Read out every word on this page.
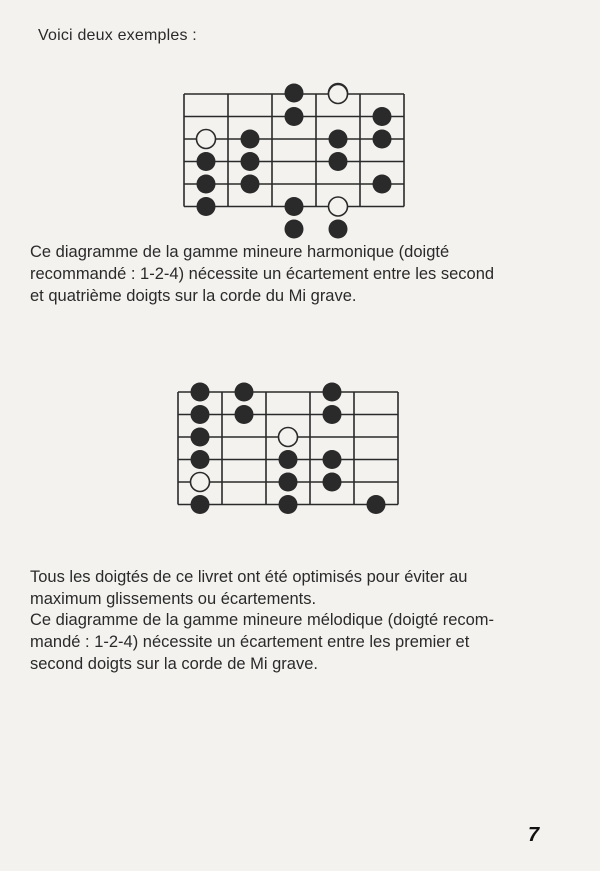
Voici deux exemples :

Ce diagramme de la gamme mineure harmonique (doigté
recommandé : 1-2-4) nécessite un écartement entre les second
et quatrième doigts sur la corde du Mi grave.

Tous les doigtés de ce livret ont été optimisés pour éviter au
maximum glissements ou écartements.

Ce diagramme de la gamme mineure mélodique (doigté recom-
mandé : 1-2-4) nécessite un écartement entre les premier et
second doigts sur la corde de Mi grave.

7
